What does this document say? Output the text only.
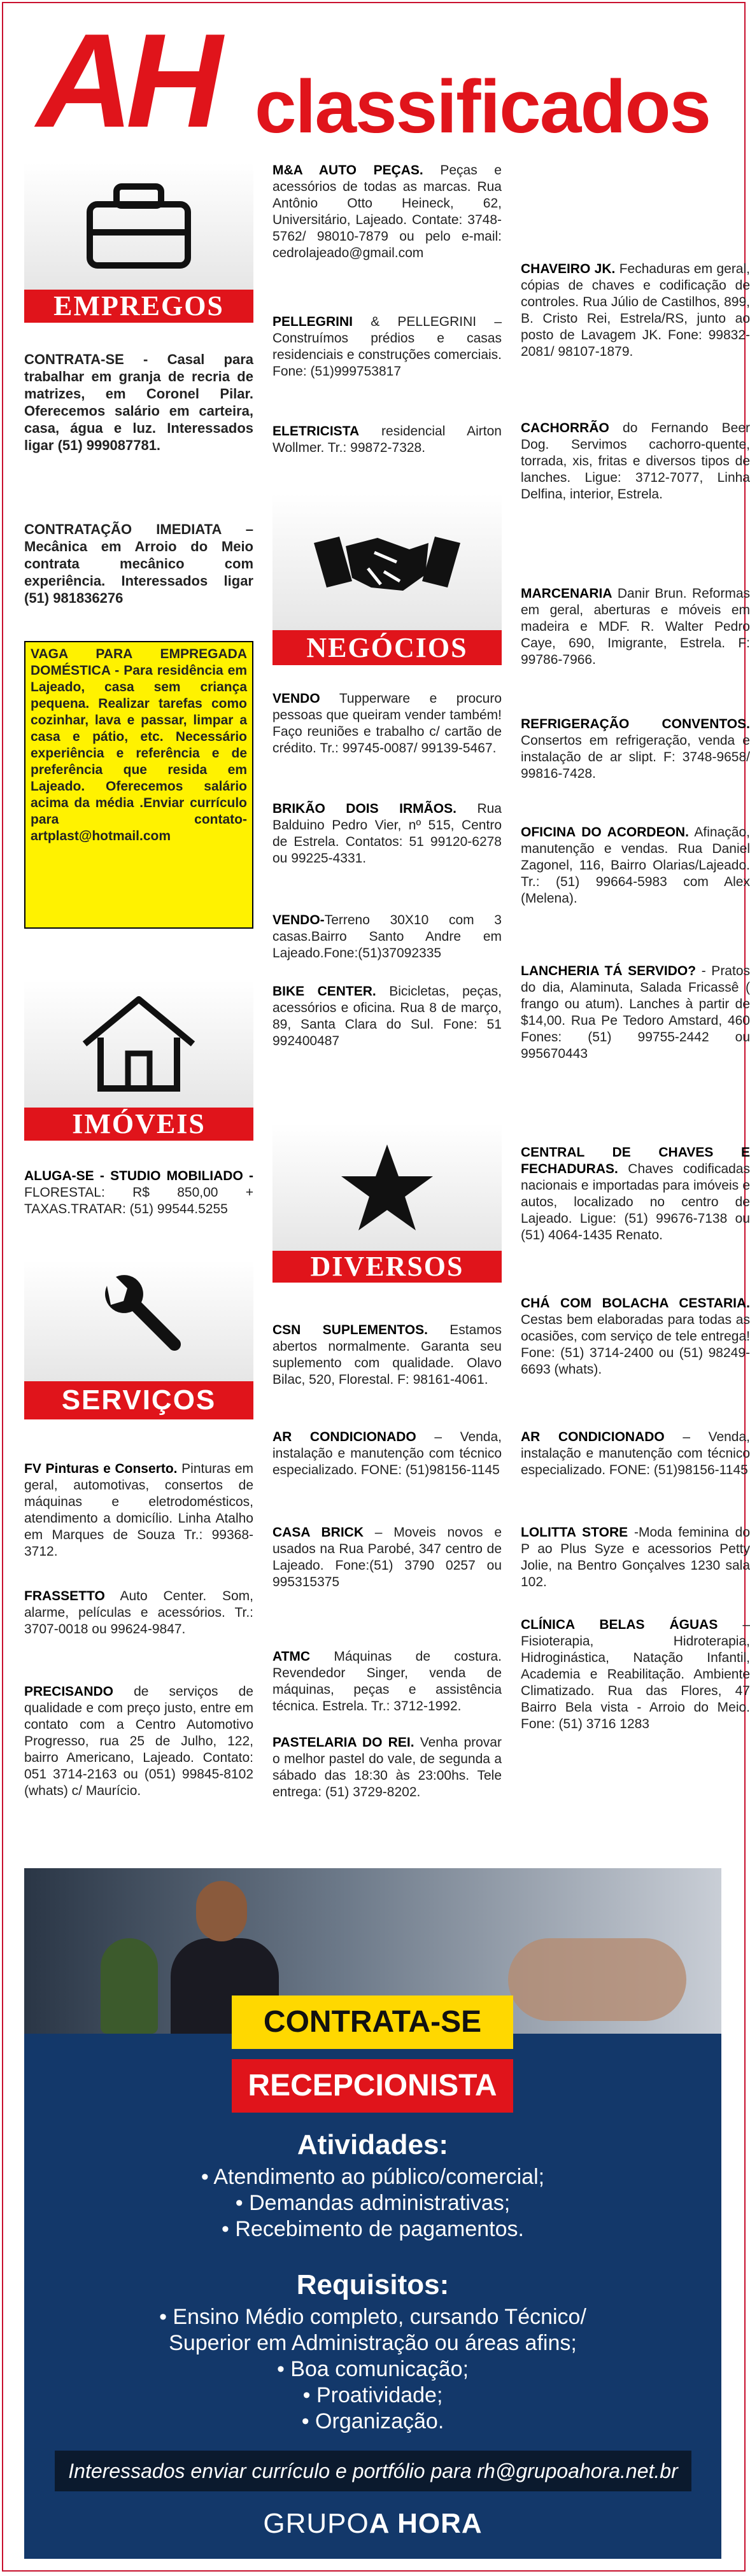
AH classificados
EMPREGOS
CONTRATA-SE - Casal para trabalhar em granja de recria de matrizes, em Coronel Pilar. Oferecemos salário em carteira, casa, água e luz. Interessados ligar (51) 999087781.
CONTRATAÇÃO IMEDIATA – Mecânica em Arroio do Meio contrata mecânico com experiência. Interessados ligar (51) 981836276
VAGA PARA EMPREGADA DOMÉSTICA - Para residência em Lajeado, casa sem criança pequena. Realizar tarefas como cozinhar, lava e passar, limpar a casa e pátio, etc. Necessário experiência e referência e de preferência que resida em Lajeado. Oferecemos salário acima da média .Enviar currículo para contato-artplast@hotmail.com
IMÓVEIS
ALUGA-SE - STUDIO MOBILIADO - FLORESTAL: R$ 850,00 + TAXAS.TRATAR: (51) 99544.5255
SERVIÇOS
FV Pinturas e Conserto. Pinturas em geral, automotivas, consertos de máquinas e eletrodomésticos, atendimento a domicílio. Linha Atalho em Marques de Souza Tr.: 99368-3712.
FRASSETTO Auto Center. Som, alarme, películas e acessórios. Tr.: 3707-0018 ou 99624-9847.
PRECISANDO de serviços de qualidade e com preço justo, entre em contato com a Centro Automotivo Progresso, rua 25 de Julho, 122, bairro Americano, Lajeado. Contato: 051 3714-2163 ou (051) 99845-8102 (whats) c/ Maurício.
M&A AUTO PEÇAS. Peças e acessórios de todas as marcas. Rua Antônio Otto Heineck, 62, Universitário, Lajeado. Contate: 3748-5762/ 98010-7879 ou pelo e-mail: cedrolajeado@gmail.com
PELLEGRINI & PELLEGRINI – Construímos prédios e casas residenciais e construções comerciais. Fone: (51)999753817
ELETRICISTA residencial Airton Wollmer. Tr.: 99872-7328.
NEGÓCIOS
VENDO Tupperware e procuro pessoas que queiram vender também! Faço reuniões e trabalho c/ cartão de crédito. Tr.: 99745-0087/ 99139-5467.
BRIKÃO DOIS IRMÃOS. Rua Balduino Pedro Vier, nº 515, Centro de Estrela. Contatos: 51 99120-6278 ou 99225-4331.
VENDO-Terreno 30X10 com 3 casas.Bairro Santo Andre em Lajeado.Fone:(51)37092335
BIKE CENTER. Bicicletas, peças, acessórios e oficina. Rua 8 de março, 89, Santa Clara do Sul. Fone: 51 992400487
DIVERSOS
CSN SUPLEMENTOS. Estamos abertos normalmente. Garanta seu suplemento com qualidade. Olavo Bilac, 520, Florestal. F: 98161-4061.
AR CONDICIONADO – Venda, instalação e manutenção com técnico especializado. FONE: (51)98156-1145
CASA BRICK – Moveis novos e usados na Rua Parobé, 347 centro de Lajeado. Fone:(51) 3790 0257 ou 995315375
ATMC Máquinas de costura. Revendedor Singer, venda de máquinas, peças e assistência técnica. Estrela. Tr.: 3712-1992.
PASTELARIA DO REI. Venha provar o melhor pastel do vale, de segunda a sábado das 18:30 às 23:00hs. Tele entrega: (51) 3729-8202.
CHAVEIRO JK. Fechaduras em geral, cópias de chaves e codificação de controles. Rua Júlio de Castilhos, 899, B. Cristo Rei, Estrela/RS, junto ao posto de Lavagem JK. Fone: 99832-2081/ 98107-1879.
CACHORRÃO do Fernando Beer Dog. Servimos cachorro-quente, torrada, xis, fritas e diversos tipos de lanches. Ligue: 3712-7077, Linha Delfina, interior, Estrela.
MARCENARIA Danir Brun. Reformas em geral, aberturas e móveis em madeira e MDF. R. Walter Pedro Caye, 690, Imigrante, Estrela. F: 99786-7966.
REFRIGERAÇÃO CONVENTOS. Consertos em refrigeração, venda e instalação de ar slipt. F: 3748-9658/ 99816-7428.
OFICINA DO ACORDEON. Afinação, manutenção e vendas. Rua Daniel Zagonel, 116, Bairro Olarias/Lajeado. Tr.: (51) 99664-5983 com Alex (Melena).
LANCHERIA TÁ SERVIDO? - Pratos do dia, Alaminuta, Salada Fricassê ( frango ou atum). Lanches à partir de $14,00. Rua Pe Tedoro Amstard, 460 Fones: (51) 99755-2442 ou 995670443
CENTRAL DE CHAVES E FECHADURAS. Chaves codificadas nacionais e importadas para imóveis e autos, localizado no centro de Lajeado. Ligue: (51) 99676-7138 ou (51) 4064-1435 Renato.
CHÁ COM BOLACHA CESTARIA. Cestas bem elaboradas para todas as ocasiões, com serviço de tele entrega! Fone: (51) 3714-2400 ou (51) 98249-6693 (whats).
AR CONDICIONADO – Venda, instalação e manutenção com técnico especializado. FONE: (51)98156-1145
LOLITTA STORE -Moda feminina do P ao Plus Syze e acessorios Petty Jolie, na Bentro Gonçalves 1230 sala 102.
CLÍNICA BELAS ÁGUAS – Fisioterapia, Hidroterapia, Hidroginástica, Natação Infantil, Academia e Reabilitação. Ambiente Climatizado. Rua das Flores, 47 Bairro Bela vista - Arroio do Meio. Fone: (51) 3716 1283
CONTRATA-SE
RECEPCIONISTA
Atividades:
• Atendimento ao público/comercial;
• Demandas administrativas;
• Recebimento de pagamentos.
Requisitos:
• Ensino Médio completo, cursando Técnico/
Superior em Administração ou áreas afins;
• Boa comunicação;
• Proatividade;
• Organização.
Interessados enviar currículo e portfólio para rh@grupoahora.net.br
GRUPOA HORA
